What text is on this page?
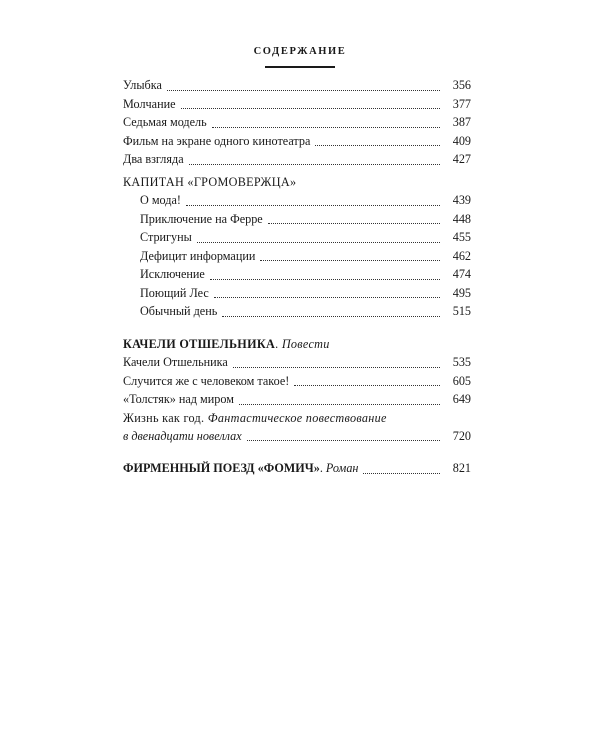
СОДЕРЖАНИЕ
Улыбка	356
Молчание	377
Седьмая модель	387
Фильм на экране одного кинотеатра	409
Два взгляда	427
КАПИТАН «ГРОМОВЕРЖЦА»
О мода!	439
Приключение на Ферре	448
Стригуны	455
Дефицит информации	462
Исключение	474
Поющий Лес	495
Обычный день	515
КАЧЕЛИ ОТШЕЛЬНИКА. Повести
Качели Отшельника	535
Случится же с человеком такое!	605
«Толстяк» над миром	649
Жизнь как год. Фантастическое повествование
в двенадцати новеллах	720
ФИРМЕННЫЙ ПОЕЗД «ФОМИЧ». Роман	821
